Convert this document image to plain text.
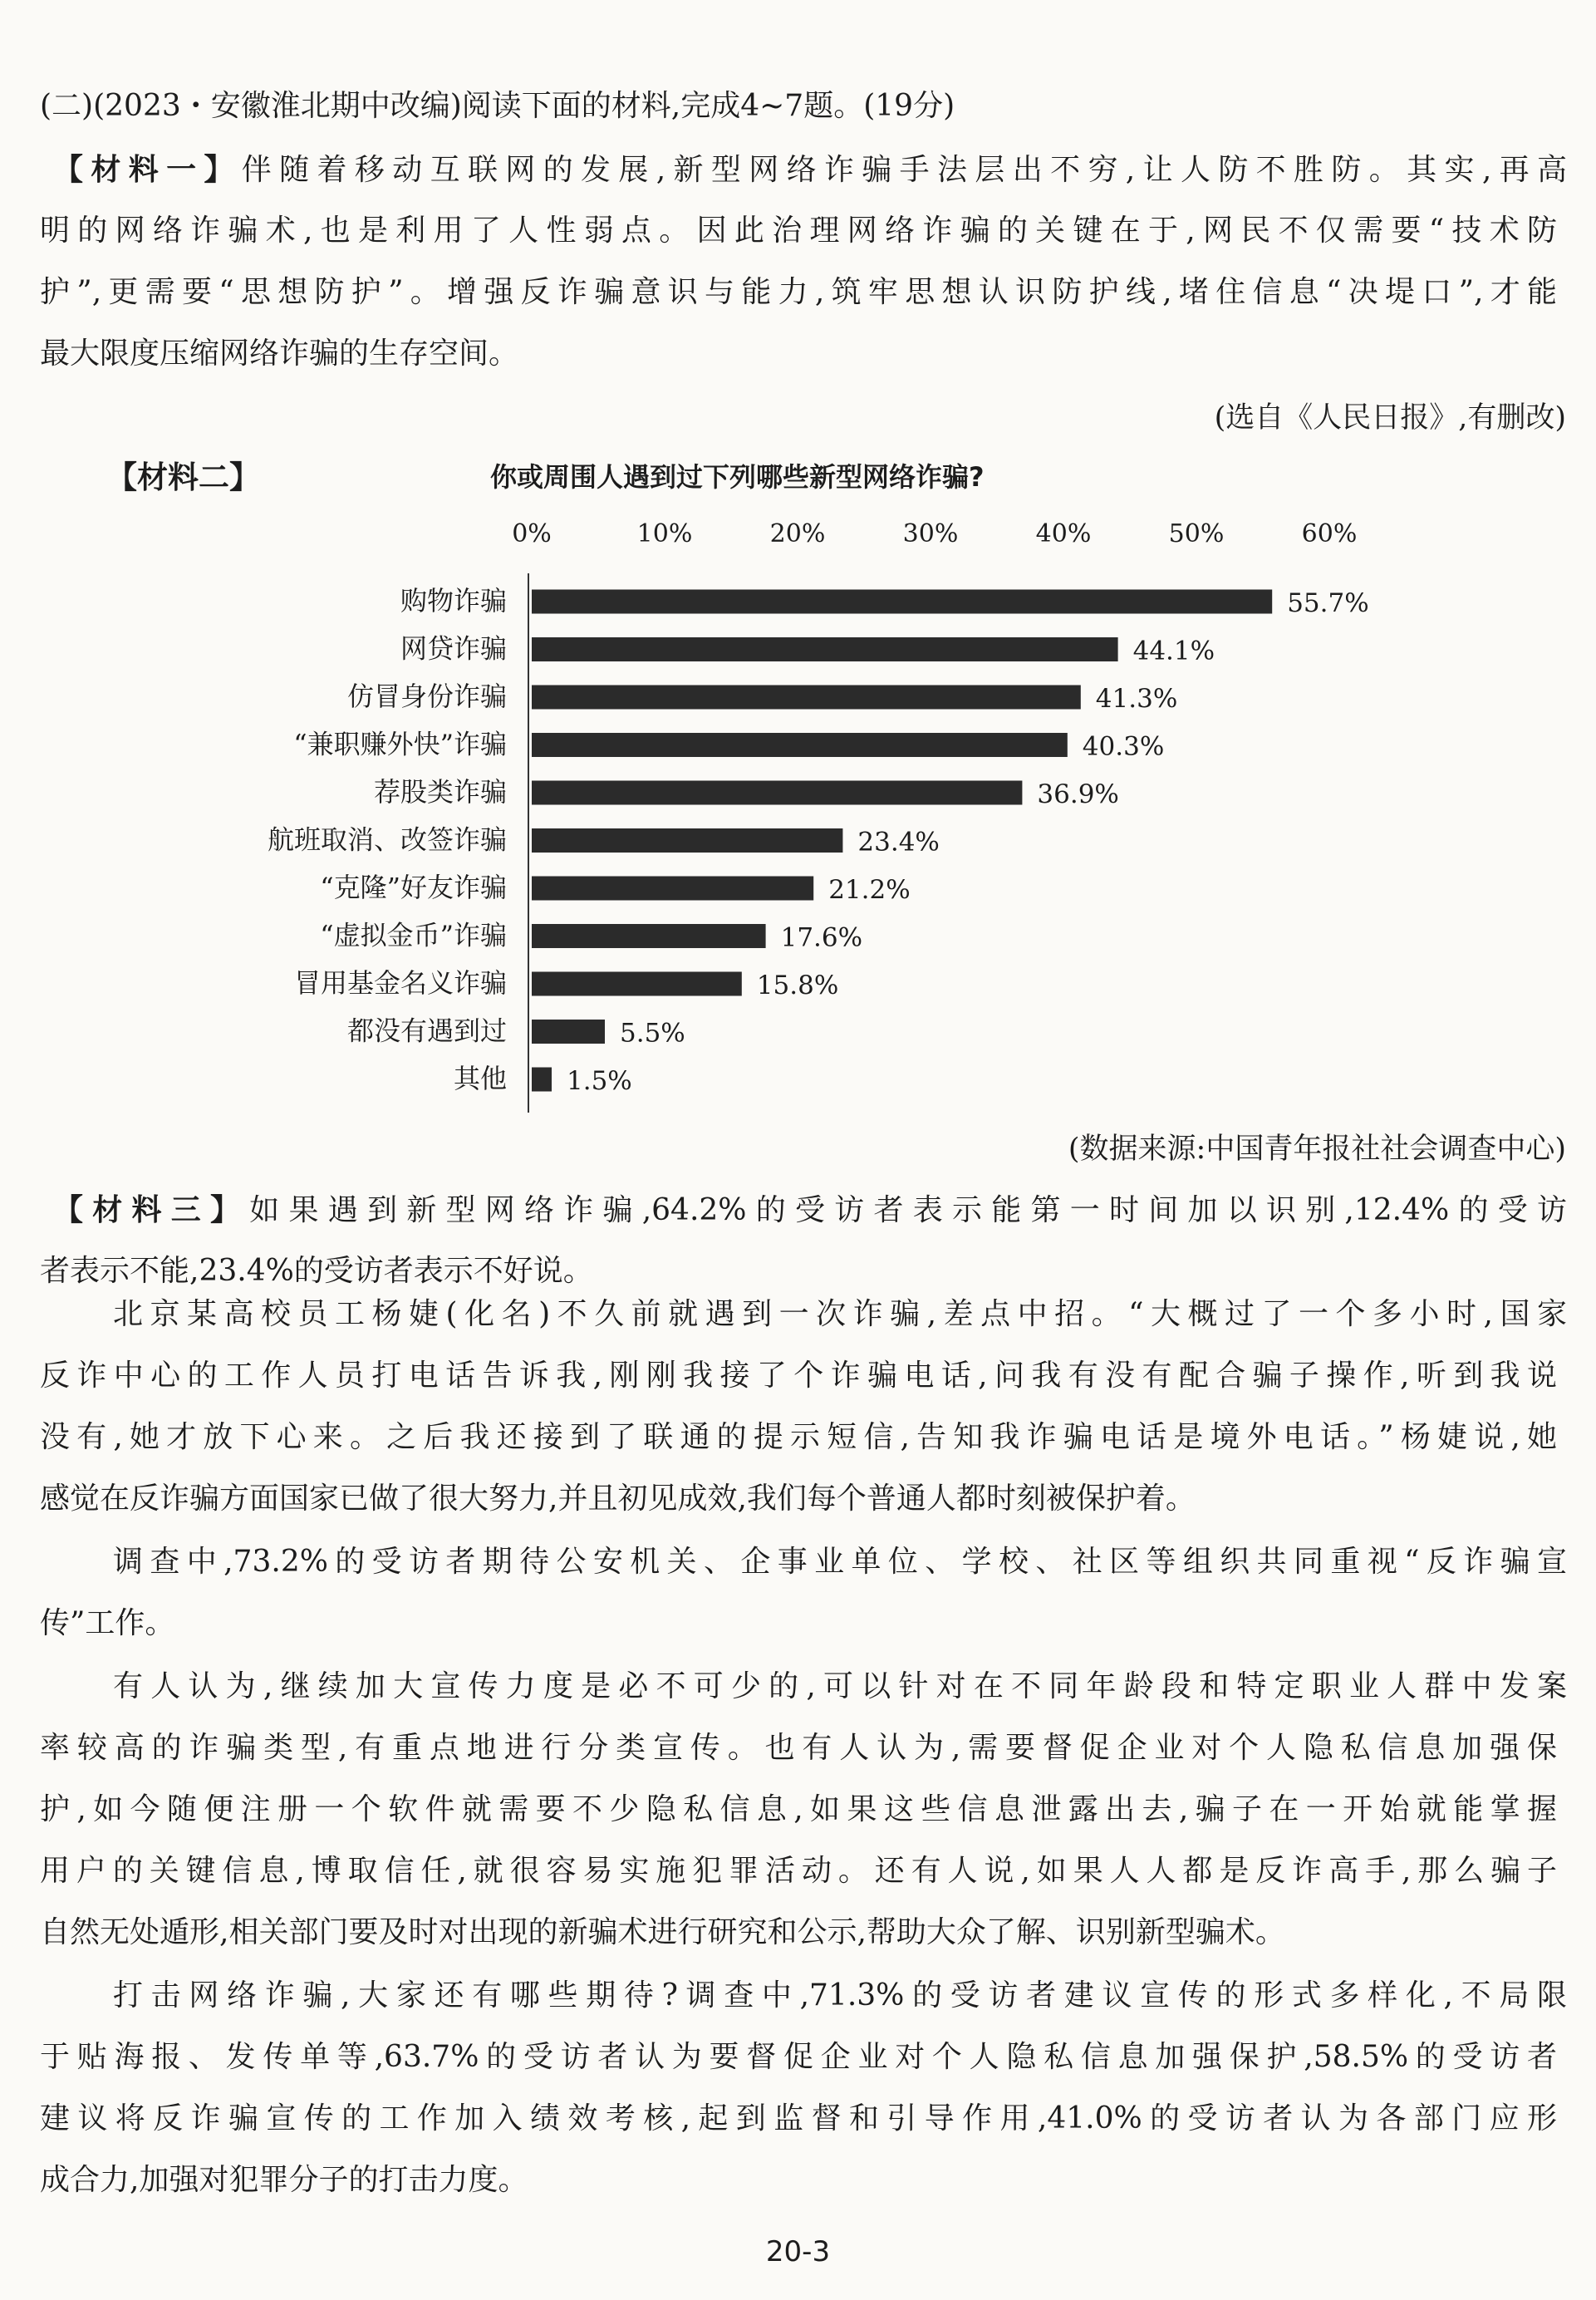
(二)(2023・安徽淮北期中改编)阅读下面的材料,完成4~7题。(19分)
【材料一】伴随着移动互联网的发展,新型网络诈骗手法层出不穷,让人防不胜防。其实,再高
明的网络诈骗术,也是利用了人性弱点。因此治理网络诈骗的关键在于,网民不仅需要“技术防
护”,更需要“思想防护”。增强反诈骗意识与能力,筑牢思想认识防护线,堵住信息“决堤口”,才能
最大限度压缩网络诈骗的生存空间。
(选自《人民日报》,有删改)
【材料二】	你或周围人遇到过下列哪些新型网络诈骗?
0%	10%	20%	30%	40%	50%	60%
购物诈骗	55.7%
网贷诈骗	44.1%
仿冒身份诈骗	41.3%
“兼职赚外快”诈骗	40.3%
荐股类诈骗	36.9%
航班取消、改签诈骗	23.4%
“克隆”好友诈骗	21.2%
“虚拟金币”诈骗	17.6%
冒用基金名义诈骗	15.8%
都没有遇到过	5.5%
其他 1.5%
(数据来源:中国青年报社社会调查中心)
【材料三】如果遇到新型网络诈骗,64.2%的受访者表示能第一时间加以识别,12.4%的受访
者表示不能,23.4%的受访者表示不好说。
北京某高校员工杨婕(化名)不久前就遇到一次诈骗,差点中招。“大概过了一个多小时,国家
反诈中心的工作人员打电话告诉我,刚刚我接了个诈骗电话,问我有没有配合骗子操作,听到我说
没有,她才放下心来。之后我还接到了联通的提示短信,告知我诈骗电话是境外电话。”杨婕说,她
感觉在反诈骗方面国家已做了很大努力,并且初见成效,我们每个普通人都时刻被保护着。
调查中,73.2%的受访者期待公安机关、企事业单位、学校、社区等组织共同重视“反诈骗宣
传”工作。
有人认为,继续加大宣传力度是必不可少的,可以针对在不同年龄段和特定职业人群中发案
率较高的诈骗类型,有重点地进行分类宣传。也有人认为,需要督促企业对个人隐私信息加强保
护,如今随便注册一个软件就需要不少隐私信息,如果这些信息泄露出去,骗子在一开始就能掌握
用户的关键信息,博取信任,就很容易实施犯罪活动。还有人说,如果人人都是反诈高手,那么骗子
自然无处遁形,相关部门要及时对出现的新骗术进行研究和公示,帮助大众了解、识别新型骗术。
打击网络诈骗,大家还有哪些期待?调查中,71.3%的受访者建议宣传的形式多样化,不局限
于贴海报、发传单等,63.7%的受访者认为要督促企业对个人隐私信息加强保护,58.5%的受访者
建议将反诈骗宣传的工作加入绩效考核,起到监督和引导作用,41.0%的受访者认为各部门应形
成合力,加强对犯罪分子的打击力度。
20-3
